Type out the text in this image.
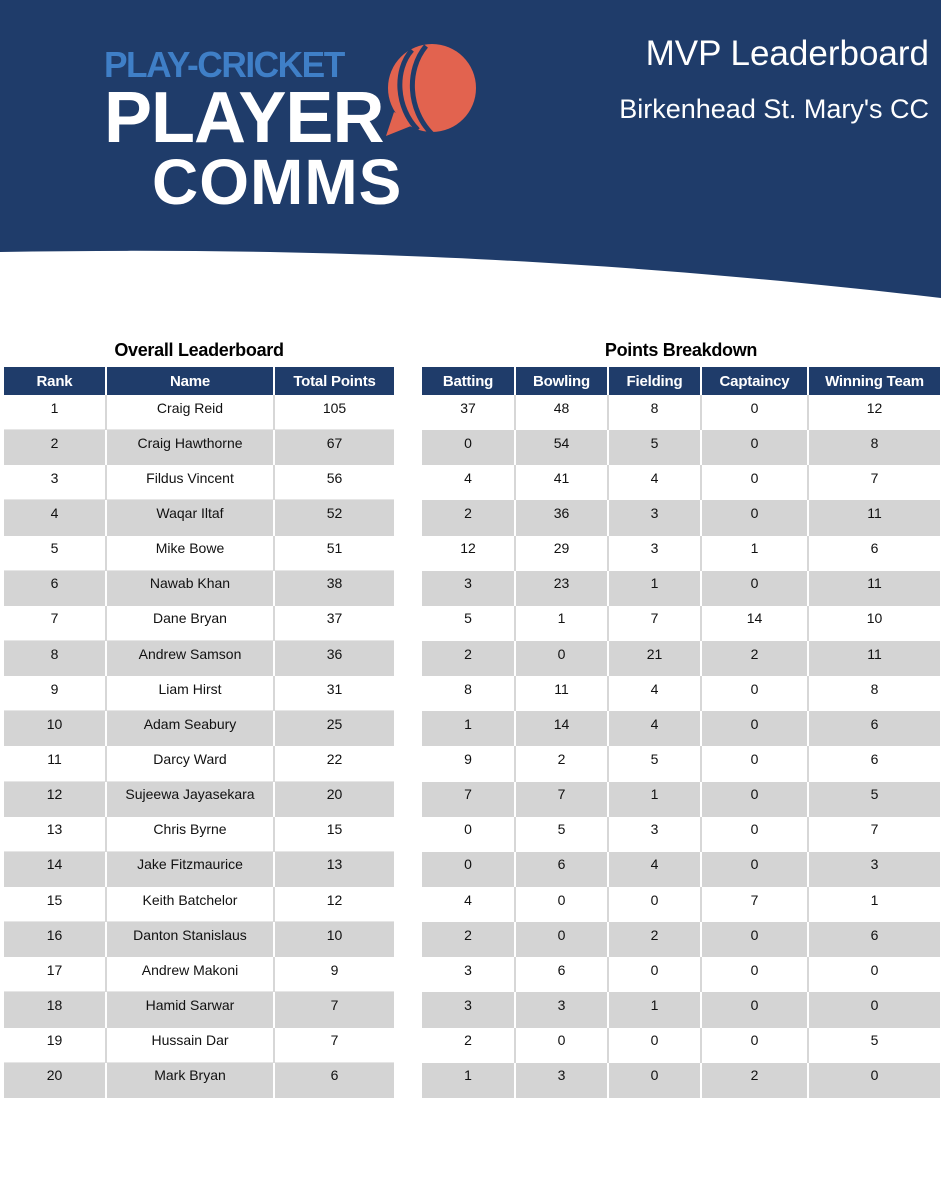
PLAY-CRICKET
PLAYER
COMMS
MVP Leaderboard
Birkenhead St. Mary's CC
Overall Leaderboard	Points Breakdown
Rank	Name	Total Points
1	Craig Reid	105
2	Craig Hawthorne	67
3	Fildus Vincent	56
4	Waqar Iltaf	52
5	Mike Bowe	51
6	Nawab Khan	38
7	Dane Bryan	37
8	Andrew Samson	36
9	Liam Hirst	31
10	Adam Seabury	25
11	Darcy Ward	22
12	Sujeewa Jayasekara	20
13	Chris Byrne	15
14	Jake Fitzmaurice	13
15	Keith Batchelor	12
16	Danton Stanislaus	10
17	Andrew Makoni	9
18	Hamid Sarwar	7
19	Hussain Dar	7
20	Mark Bryan	6
Batting	Bowling	Fielding	Captaincy	Winning Team
37	48	8	0	12
0	54	5	0	8
4	41	4	0	7
2	36	3	0	11
12	29	3	1	6
3	23	1	0	11
5	1	7	14	10
2	0	21	2	11
8	11	4	0	8
1	14	4	0	6
9	2	5	0	6
7	7	1	0	5
0	5	3	0	7
0	6	4	0	3
4	0	0	7	1
2	0	2	0	6
3	6	0	0	0
3	3	1	0	0
2	0	0	0	5
1	3	0	2	0
